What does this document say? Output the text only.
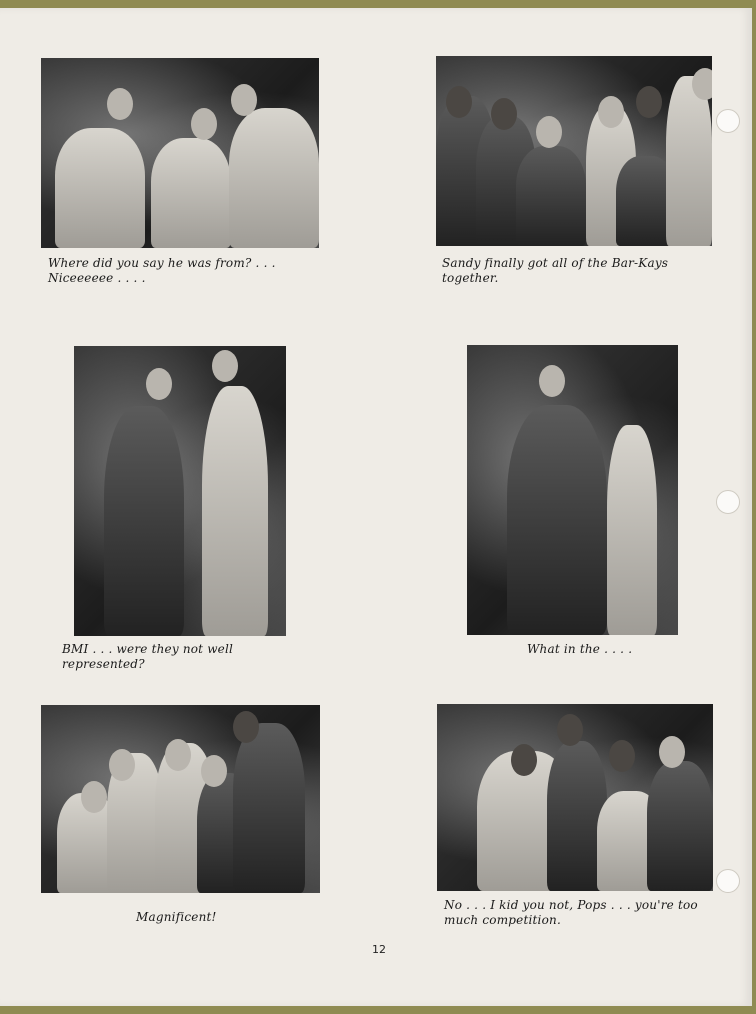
Where did you say he was from? . . . Niceeeeee . . . .
Sandy finally got all of the Bar-Kays together.
BMI . . . were they not well represented?
What in the . . . .
Magnificent!
No . . . I kid you not, Pops . . . you're too much competition.
12
